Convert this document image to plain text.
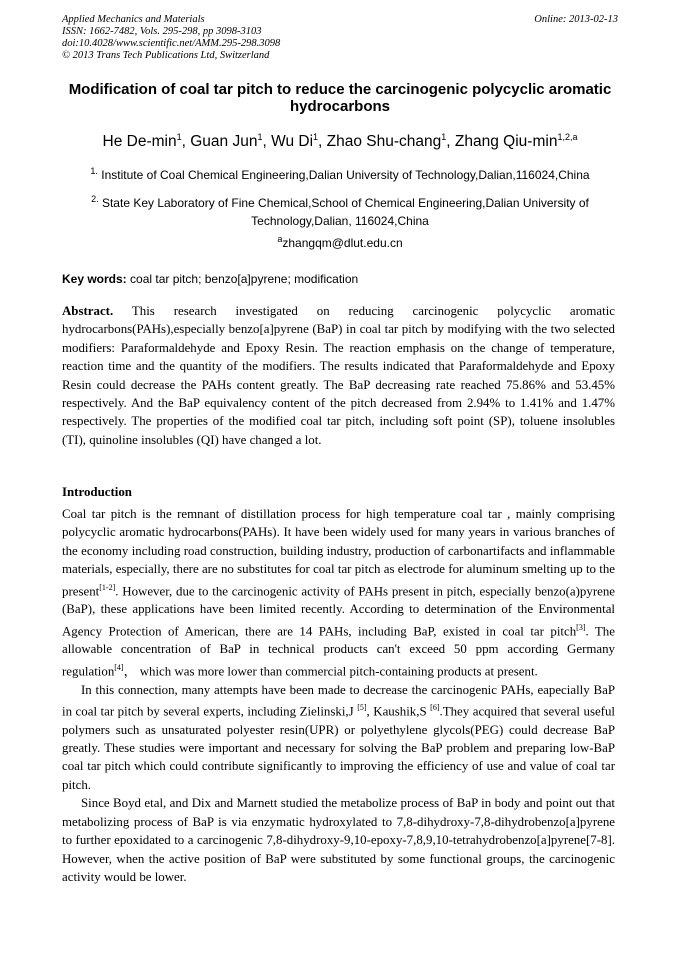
Applied Mechanics and Materials
ISSN: 1662-7482, Vols. 295-298, pp 3098-3103
doi:10.4028/www.scientific.net/AMM.295-298.3098
© 2013 Trans Tech Publications Ltd, Switzerland
Online: 2013-02-13
Modification of coal tar pitch to reduce the carcinogenic polycyclic aromatic hydrocarbons
He $De-\min^1$, Guan Jun$^1$, Wu Di$^1$, Zhao Shu-chang$^1$, Zhang Qiu-$\min^{1,2,a}$
$^{1.}$ Institute of Coal Chemical Engineering,Dalian University of Technology,Dalian,116024,China
$^{2.}$ State Key Laboratory of Fine Chemical,School of Chemical Engineering,Dalian University of Technology,Dalian, 116024,China
$^a$zhangqm@dlut.edu.cn
Key words: coal tar pitch; benzo[a]pyrene; modification
Abstract. This research investigated on reducing carcinogenic polycyclic aromatic hydrocarbons(PAHs),especially benzo[a]pyrene (BaP) in coal tar pitch by modifying with the two selected modifiers: Paraformaldehyde and Epoxy Resin. The reaction emphasis on the change of temperature, reaction time and the quantity of the modifiers. The results indicated that Paraformaldehyde and Epoxy Resin could decrease the PAHs content greatly. The BaP decreasing rate reached 75.86% and 53.45% respectively. And the BaP equivalency content of the pitch decreased from 2.94% to 1.41% and 1.47% respectively. The properties of the modified coal tar pitch, including soft point (SP), toluene insolubles (TI), quinoline insolubles (QI) have changed a lot.
Introduction

Coal tar pitch is the remnant of distillation process for high temperature coal tar , mainly comprising polycyclic aromatic hydrocarbons(PAHs). It have been widely used for many years in various branches of the economy including road construction, building industry, production of carbonartifacts and inflammable materials, especially, there are no substitutes for coal tar pitch as electrode for aluminum smelting up to the present[1-2]. However, due to the carcinogenic activity of PAHs present in pitch, especially benzo(a)pyrene (BaP), these applications have been limited recently. According to determination of the Environmental Agency Protection of American, there are 14 PAHs, including BaP, existed in coal tar pitch[3]. The allowable concentration of BaP in technical products can't exceed 50 ppm according Germany regulation[4]， which was more lower than commercial pitch-containing products at present.

In this connection, many attempts have been made to decrease the carcinogenic PAHs, eapecially BaP in coal tar pitch by several experts, including Zielinski,J [5], Kaushik,S [6].They acquired that several useful polymers such as unsaturated polyester resin(UPR) or polyethylene glycols(PEG) could decrease BaP greatly. These studies were important and necessary for solving the BaP problem and preparing low-BaP coal tar pitch which could contribute significantly to improving the efficiency of use and value of coal tar pitch.

Since Boyd etal, and Dix and Marnett studied the metabolize process of BaP in body and point out that metabolizing process of BaP is via enzymatic hydroxylated to 7,8-dihydroxy-7,8-dihydrobenzo[a]pyrene to further epoxidated to a carcinogenic 7,8-dihydroxy-9,10-epoxy-7,8,9,10-tetrahydrobenzo[a]pyrene[7-8]. However, when the active position of BaP were substituted by some functional groups, the carcinogenic activity would be lower.
